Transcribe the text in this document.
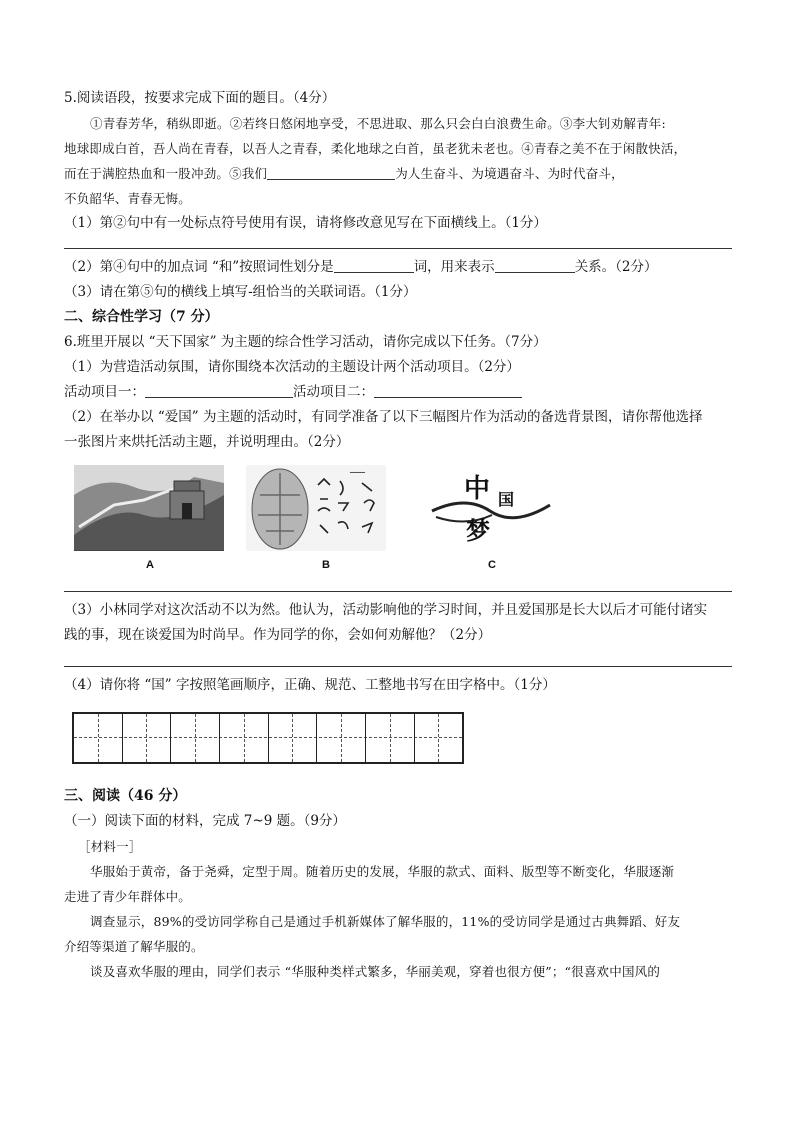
5.阅读语段，按要求完成下面的题目。（4分）
①青春芳华，稍纵即逝。②若终日悠闲地享受，不思进取、那么只会白白浪费生命。③李大钊劝解青年:
地球即成白首，吾人尚在青春，以吾人之青春，柔化地球之白首，虽老犹未老也。④青春之美不在于闲散快活，
而在于满腔热血和一股冲劲。⑤我们	为人生奋斗、为境遇奋斗、为时代奋斗，
不负韶华、青春无悔。
（1）第②句中有一处标点符号使用有误，请将修改意见写在下面横线上。（1分）
（2）第④句中的加点词 “和”按照词性划分是	词，用来表示	关系。（2分）
（3）请在第⑤句的横线上填写-组恰当的关联词语。（1分）
二、综合性学习（7 分）
6.班里开展以 “天下国家” 为主题的综合性学习活动，请你完成以下任务。（7分）
（1）为营造活动氛围，请你围绕本次活动的主题设计两个活动项目。（2分）
活动项目一：	活动项目二：
（2）在举办以 “爱国” 为主题的活动时，有同学准备了以下三幅图片作为活动的备选背景图，请你帮他选择
一张图片来烘托活动主题，并说明理由。（2分）
A
━━━━━
B
中 国
梦
C
（3）小林同学对这次活动不以为然。他认为，活动影响他的学习时间，并且爱国那是长大以后才可能付诸实
践的事，现在谈爱国为时尚早。作为同学的你，会如何劝解他？（2分）
（4）请你将 “国” 字按照笔画顺序，正确、规范、工整地书写在田字格中。（1分）
三、阅读（46 分）
（一）阅读下面的材料，完成 7~9 题。（9分）
［材料一］
华服始于黄帝，备于尧舜，定型于周。随着历史的发展，华服的款式、面料、版型等不断变化，华服逐渐
走进了青少年群体中。
调查显示，89%的受访同学称自己是通过手机新媒体了解华服的，11%的受访同学是通过古典舞蹈、好友
介绍等渠道了解华服的。
谈及喜欢华服的理由，同学们表示 “华服种类样式繁多，华丽美观，穿着也很方便”；“很喜欢中国风的
